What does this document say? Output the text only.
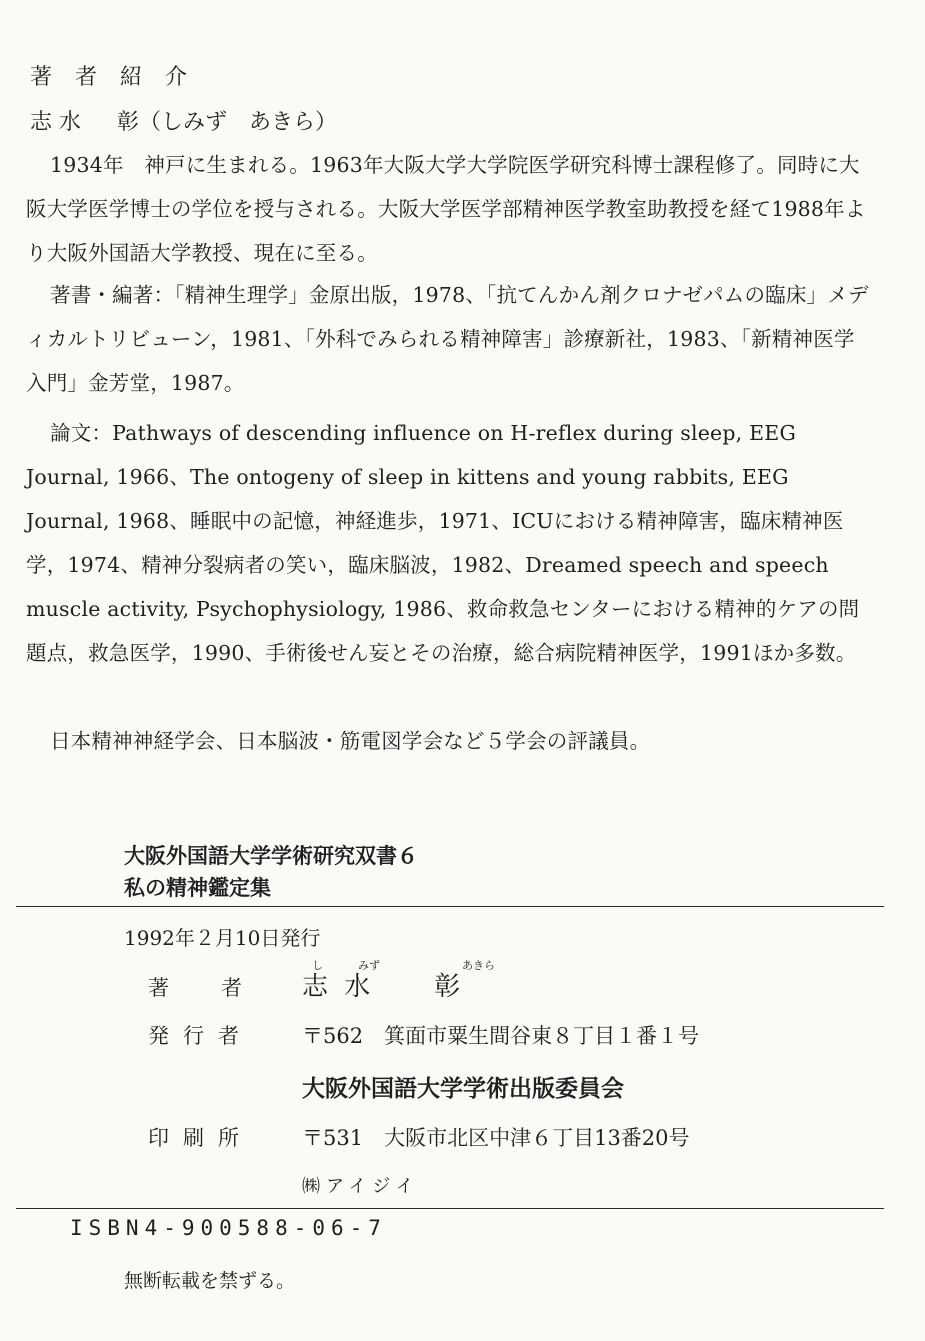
著 者 紹 介
志 水 彰（しみず　あきら）

1934年　神戸に生まれる。1963年大阪大学大学院医学研究科博士課程修了。同時に大阪大学医学博士の学位を授与される。大阪大学医学部精神医学教室助教授を経て1988年より大阪外国語大学教授、現在に至る。

著書・編著：「精神生理学」金原出版，1978、「抗てんかん剤クロナゼパムの臨床」メディカルトリビューン，1981、「外科でみられる精神障害」診療新社，1983、「新精神医学入門」金芳堂，1987。

論文：Pathways of descending influence on H-reflex during sleep, EEG Journal, 1966、The ontogeny of sleep in kittens and young rabbits, EEG Journal, 1968、睡眠中の記憶，神経進歩，1971、ICUにおける精神障害，臨床精神医学，1974、精神分裂病者の笑い，臨床脳波，1982、Dreamed speech and speech muscle activity, Psychophysiology, 1986、救命救急センターにおける精神的ケアの問題点，救急医学，1990、手術後せん妄とその治療，総合病院精神医学，1991ほか多数。

日本精神神経学会、日本脳波・筋電図学会など５学会の評議員。

大阪外国語大学学術研究双書６
私の精神鑑定集
1992年２月10日発行
著者
し	みず	あきら
志 水　　彰
発行者 〒562　箕面市粟生間谷東８丁目１番１号
大阪外国語大学学術出版委員会
印刷所 〒531　大阪市北区中津６丁目13番20号
㈱アイジイ
ISBN4-900588-06-7
無断転載を禁ずる。
